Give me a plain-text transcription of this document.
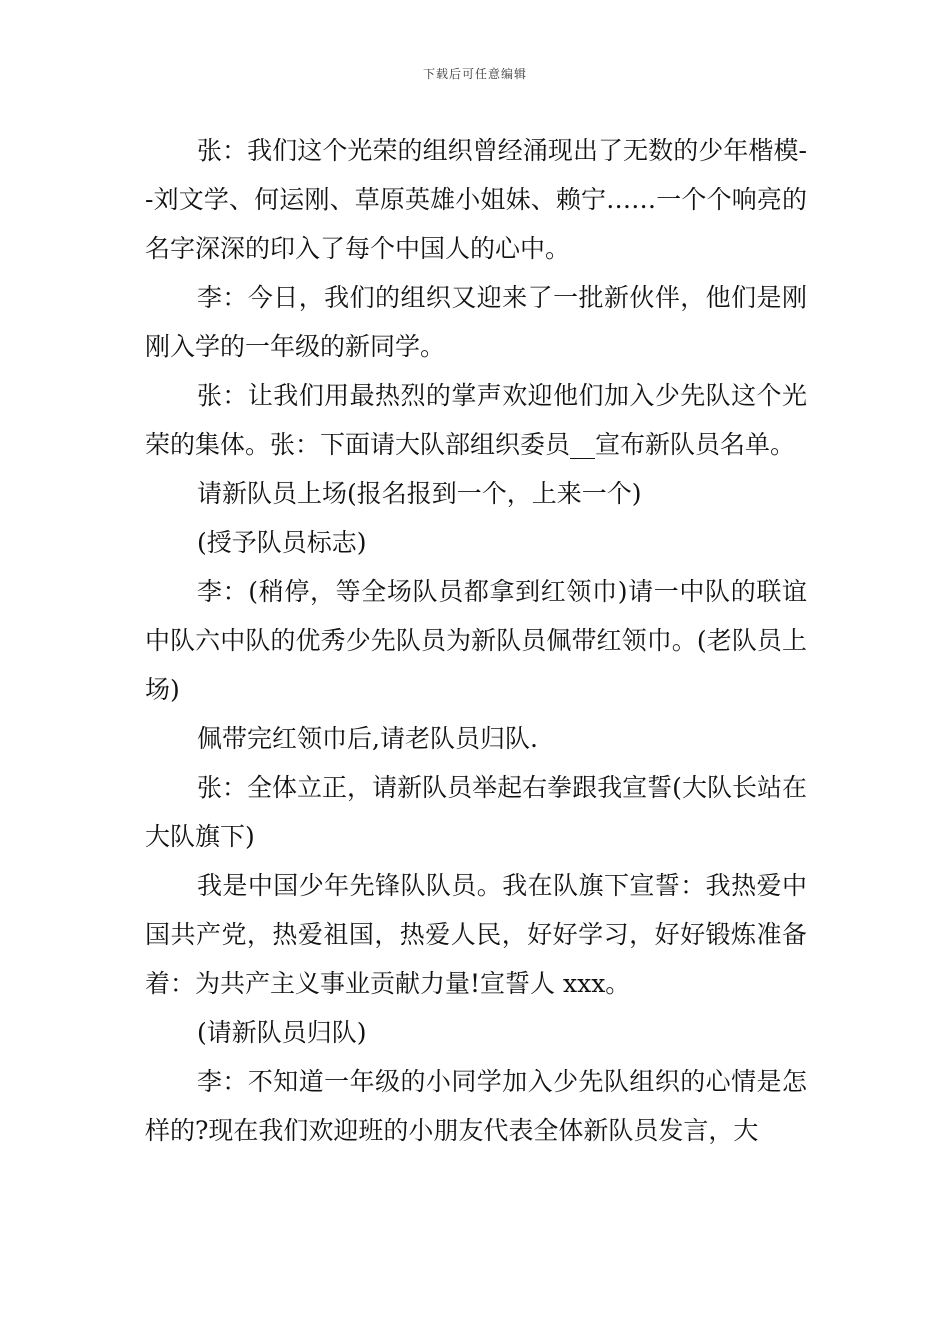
下载后可任意编辑

张：我们这个光荣的组织曾经涌现出了无数的少年楷模--刘文学、何运刚、草原英雄小姐妹、赖宁……一个个响亮的名字深深的印入了每个中国人的心中。

李：今日，我们的组织又迎来了一批新伙伴，他们是刚刚入学的一年级的新同学。

张：让我们用最热烈的掌声欢迎他们加入少先队这个光荣的集体。张：下面请大队部组织委员__宣布新队员名单。

请新队员上场(报名报到一个，上来一个)

(授予队员标志)

李：(稍停，等全场队员都拿到红领巾)请一中队的联谊中队六中队的优秀少先队员为新队员佩带红领巾。(老队员上场)

佩带完红领巾后,请老队员归队.

张：全体立正，请新队员举起右拳跟我宣誓(大队长站在大队旗下)

我是中国少年先锋队队员。我在队旗下宣誓：我热爱中国共产党，热爱祖国，热爱人民，好好学习，好好锻炼准备着：为共产主义事业贡献力量!宣誓人 xxx。

(请新队员归队)

李：不知道一年级的小同学加入少先队组织的心情是怎样的?现在我们欢迎班的小朋友代表全体新队员发言，大
